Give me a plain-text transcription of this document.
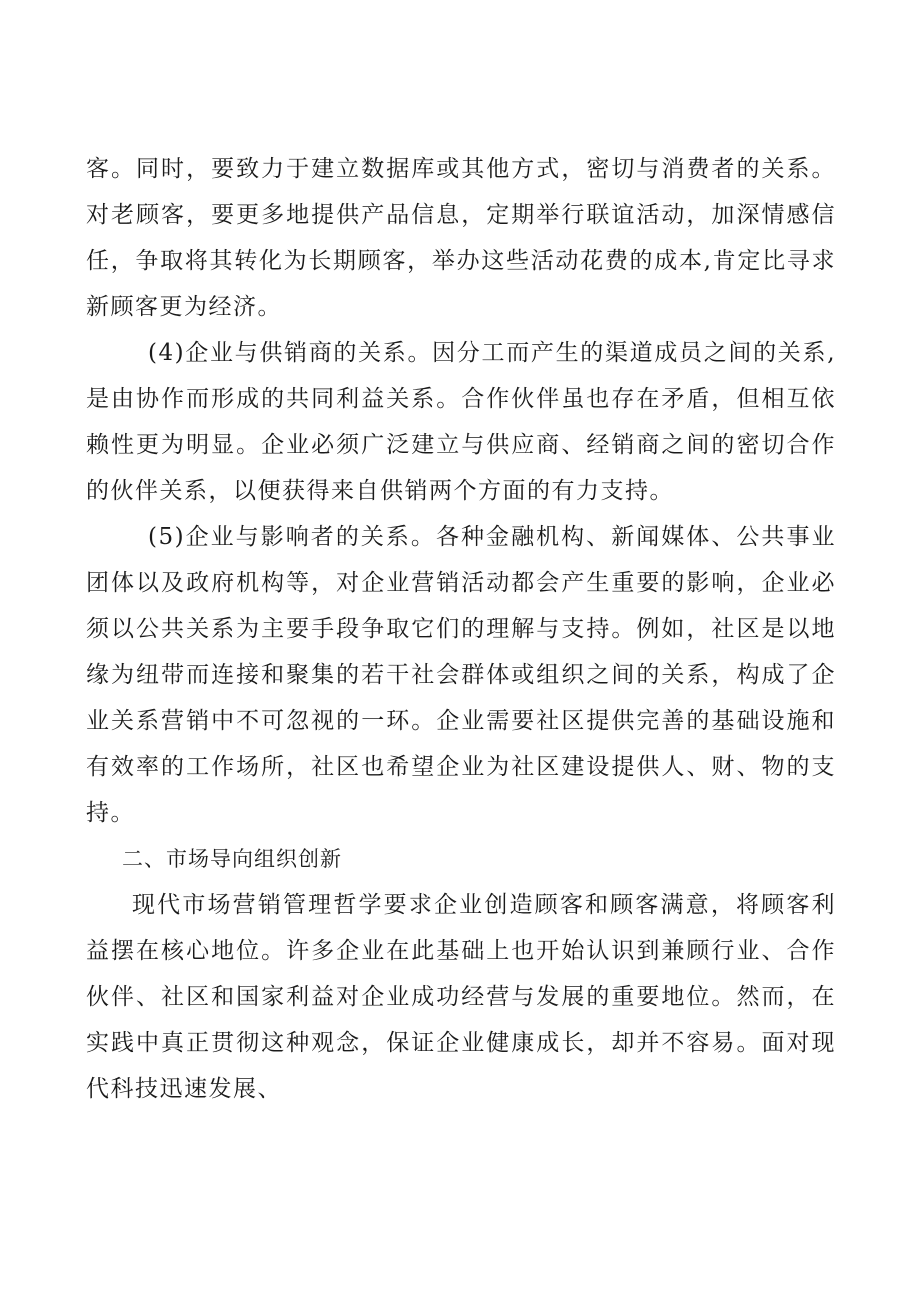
客。同时，要致力于建立数据库或其他方式，密切与消费者的关系。对老顾客，要更多地提供产品信息，定期举行联谊活动，加深情感信任，争取将其转化为长期顾客，举办这些活动花费的成本,肯定比寻求新顾客更为经济。

(4)企业与供销商的关系。因分工而产生的渠道成员之间的关系,是由协作而形成的共同利益关系。合作伙伴虽也存在矛盾，但相互依赖性更为明显。企业必须广泛建立与供应商、经销商之间的密切合作的伙伴关系，以便获得来自供销两个方面的有力支持。

(5)企业与影响者的关系。各种金融机构、新闻媒体、公共事业团体以及政府机构等，对企业营销活动都会产生重要的影响，企业必须以公共关系为主要手段争取它们的理解与支持。例如，社区是以地缘为纽带而连接和聚集的若干社会群体或组织之间的关系，构成了企业关系营销中不可忽视的一环。企业需要社区提供完善的基础设施和有效率的工作场所，社区也希望企业为社区建设提供人、财、物的支持。

二、市场导向组织创新

现代市场营销管理哲学要求企业创造顾客和顾客满意，将顾客利益摆在核心地位。许多企业在此基础上也开始认识到兼顾行业、合作伙伴、社区和国家利益对企业成功经营与发展的重要地位。然而，在实践中真正贯彻这种观念，保证企业健康成长，却并不容易。面对现代科技迅速发展、
